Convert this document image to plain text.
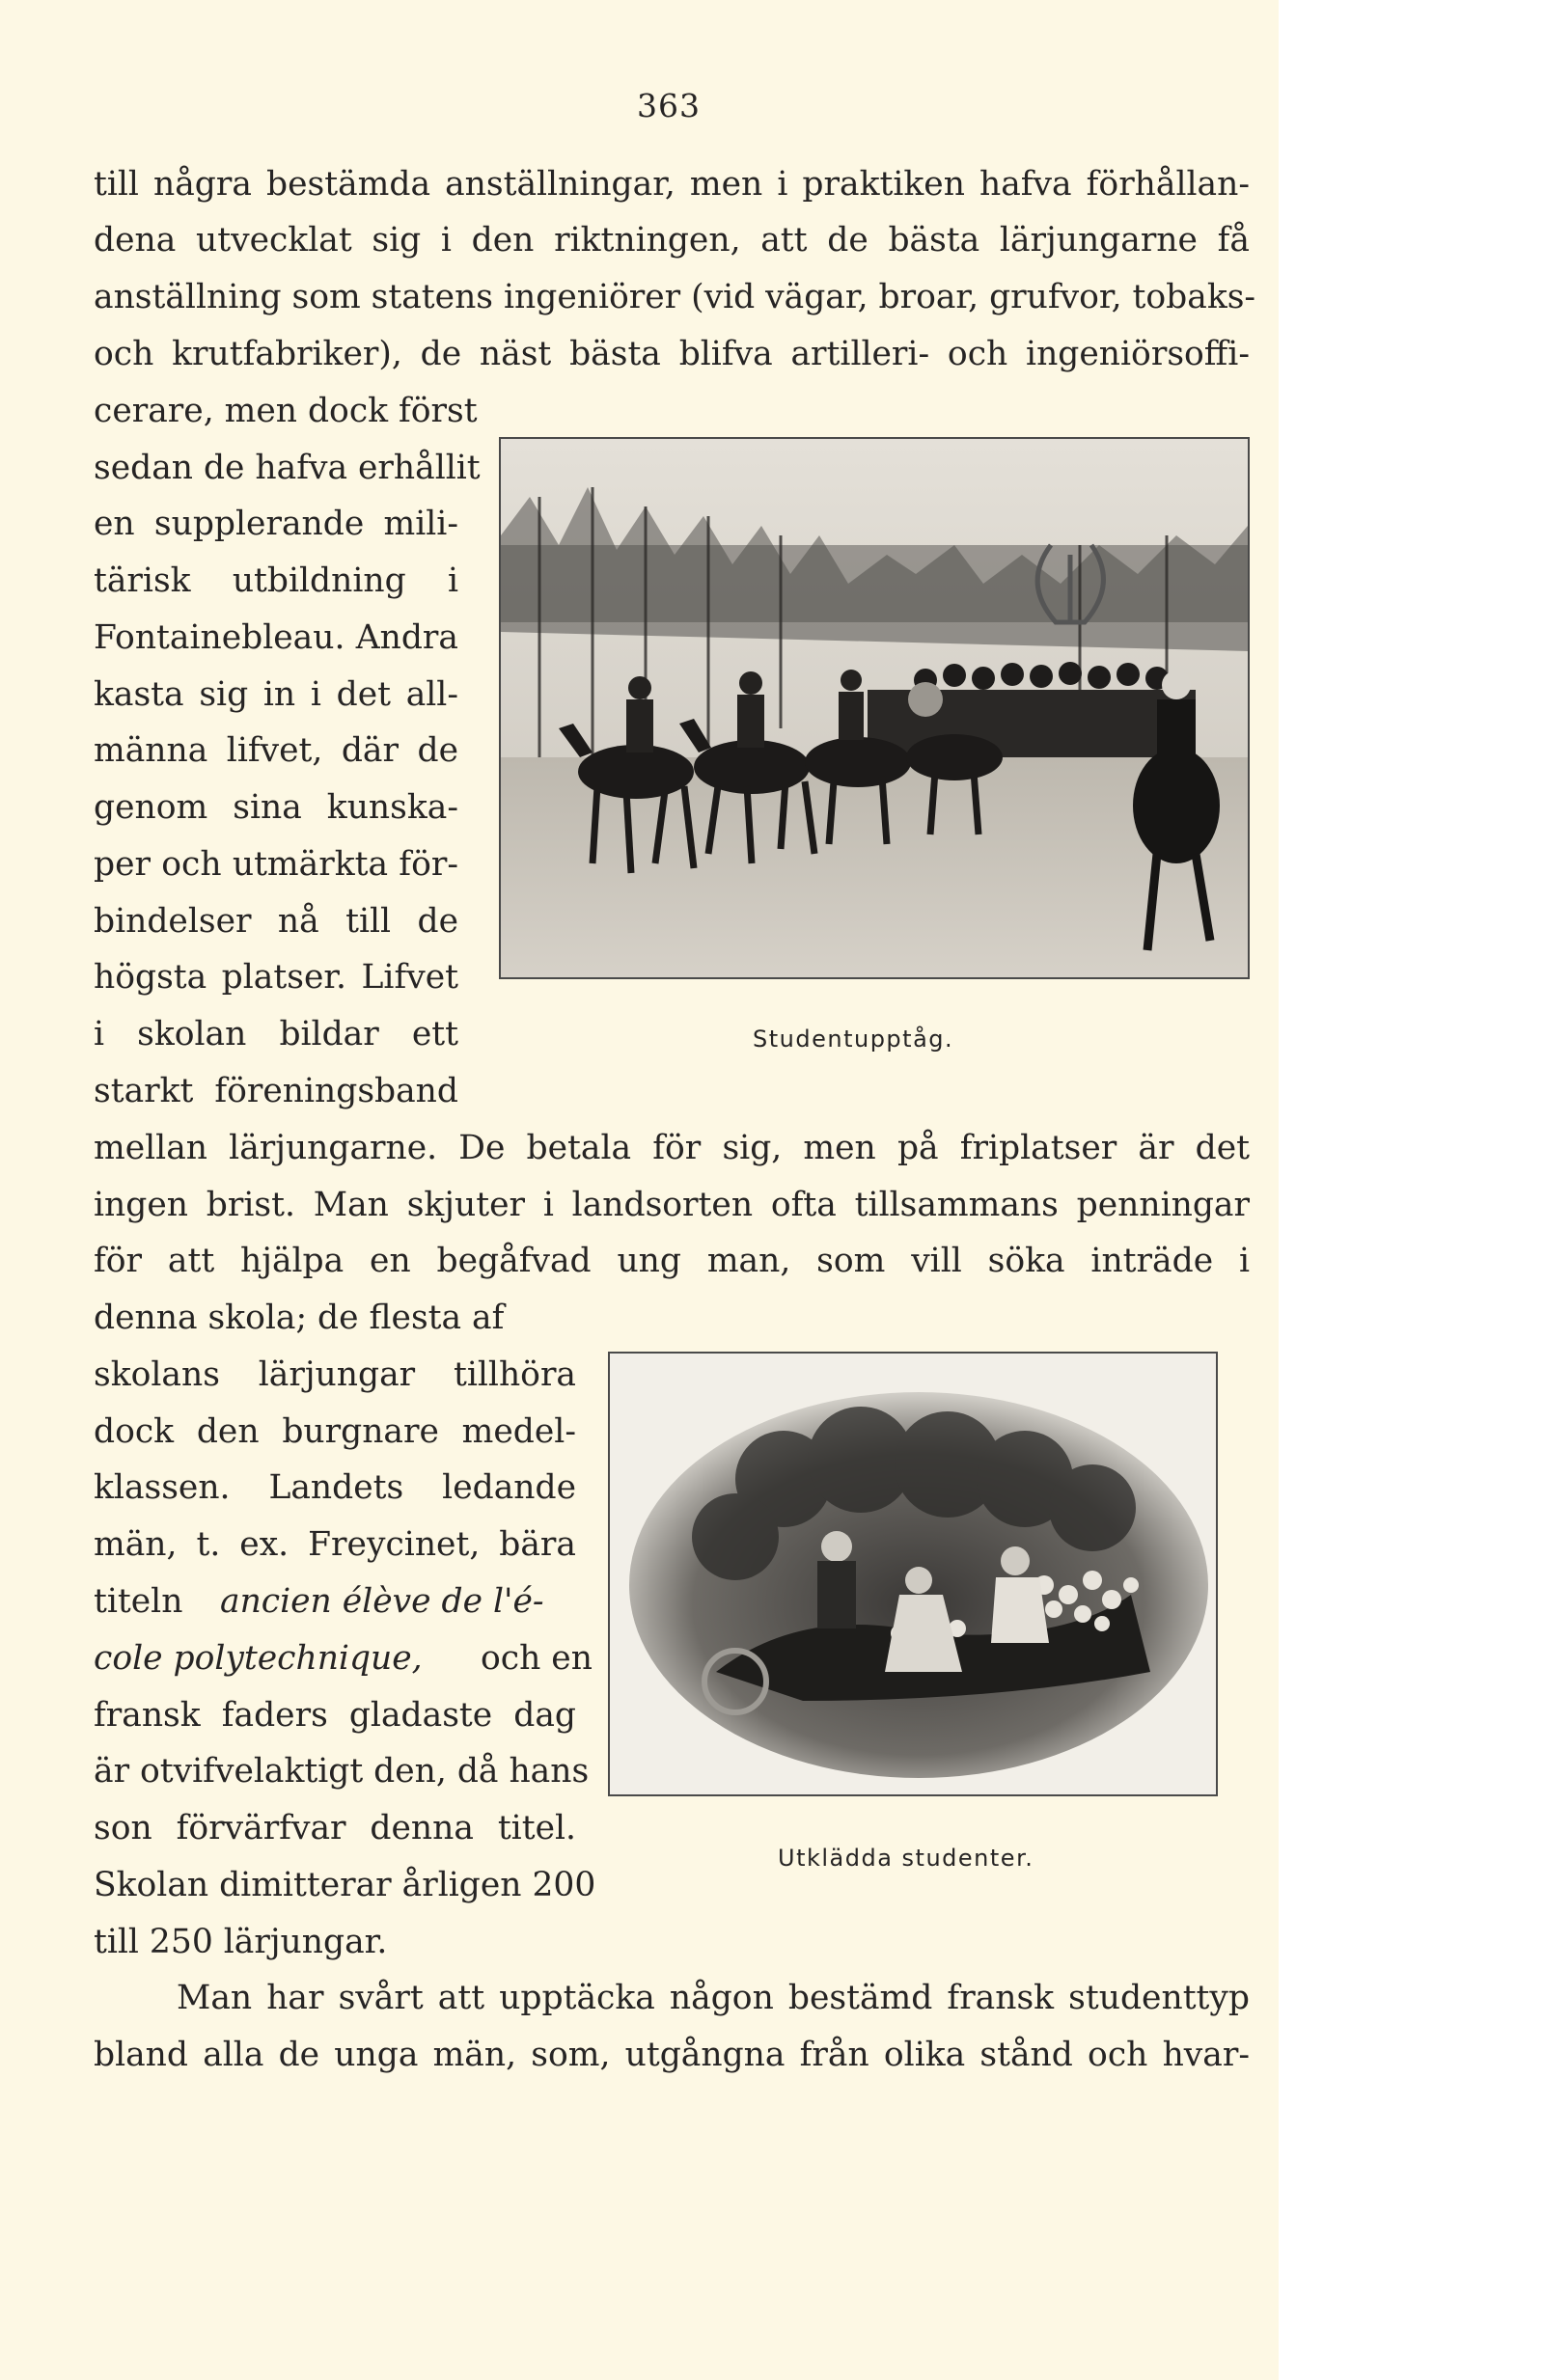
363
till några bestämda anställningar, men i praktiken hafva förhållan-
dena utvecklat sig i den riktningen, att de bästa lärjungarne få
anställning som statens ingeniörer (vid vägar, broar, grufvor, tobaks-
och krutfabriker), de näst bästa blifva artilleri- och ingeniörsoffi-
cerare, men dock först
sedan de hafva erhållit
en supplerande mili-
tärisk utbildning i
Fontainebleau. Andra
kasta sig in i det all-
männa lifvet, där de
genom sina kunska-
per och utmärkta för-
bindelser nå till de
högsta platser. Lifvet
i skolan bildar ett
starkt föreningsband
mellan lärjungarne. De betala för sig, men på friplatser är det
ingen brist. Man skjuter i landsorten ofta tillsammans penningar
för att hjälpa en begåfvad ung man, som vill söka inträde i
denna skola; de flesta af
skolans lärjungar tillhöra
dock den burgnare medel-
klassen. Landets ledande
män, t. ex. Freycinet, bära
titeln ancien élève de l'é-
cole polytechnique, och en
fransk faders gladaste dag
är otvifvelaktigt den, då hans
son förvärfvar denna titel.
Skolan dimitterar årligen 200
till 250 lärjungar.
Man har svårt att upptäcka någon bestämd fransk studenttyp
bland alla de unga män, som, utgångna från olika stånd och hvar-
Studentupptåg.
Utklädda studenter.
